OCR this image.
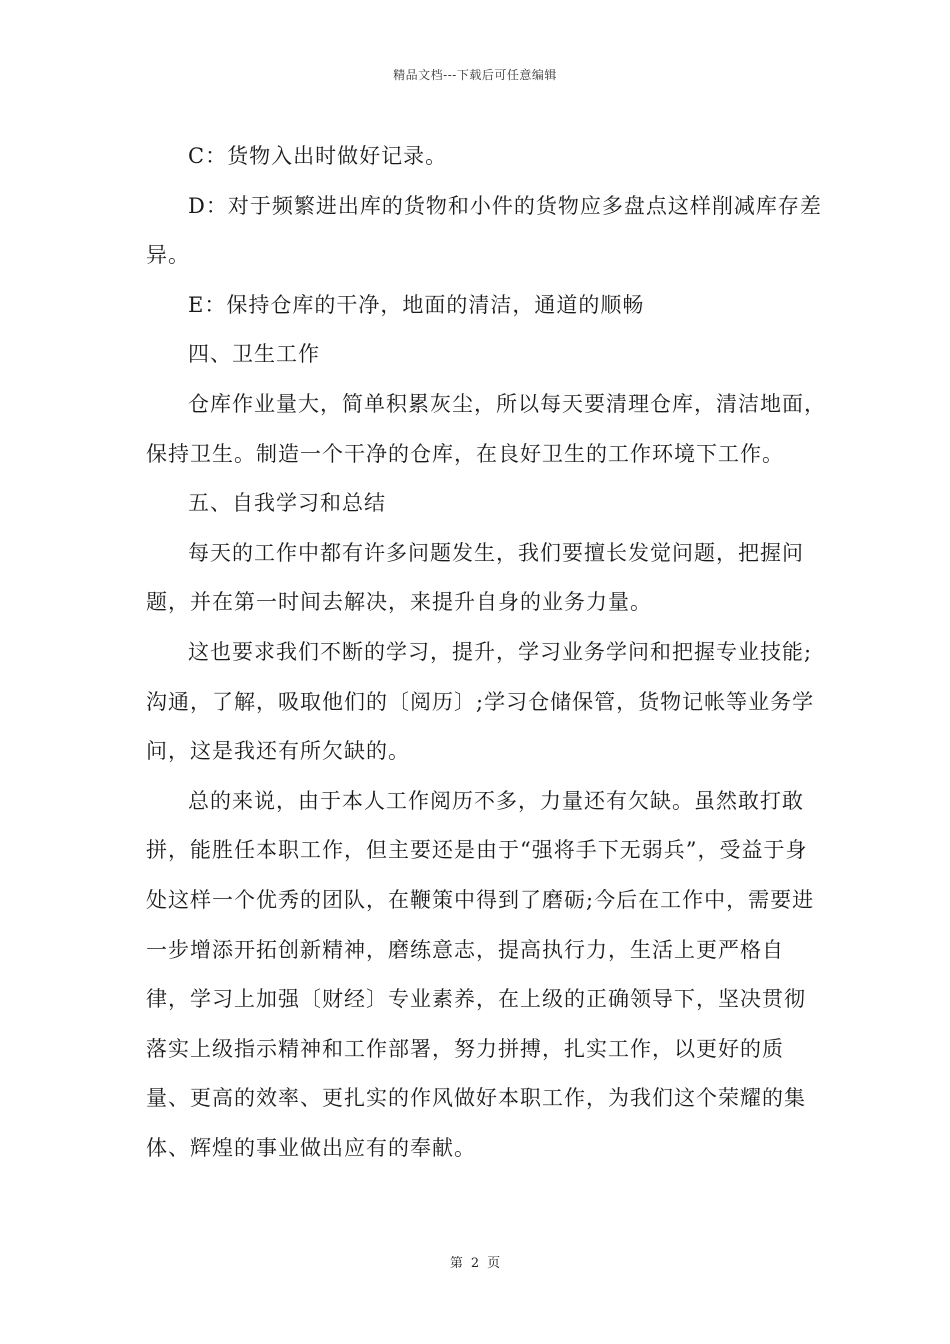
精品文档---下载后可任意编辑

C：货物入出时做好记录。

D：对于频繁进出库的货物和小件的货物应多盘点这样削减库存差异。

E：保持仓库的干净，地面的清洁，通道的顺畅

四、卫生工作

仓库作业量大，简单积累灰尘，所以每天要清理仓库，清洁地面，保持卫生。制造一个干净的仓库，在良好卫生的工作环境下工作。

五、自我学习和总结

每天的工作中都有许多问题发生，我们要擅长发觉问题，把握问题，并在第一时间去解决，来提升自身的业务力量。

这也要求我们不断的学习，提升，学习业务学问和把握专业技能;沟通，了解，吸取他们的〔阅历〕;学习仓储保管，货物记帐等业务学问，这是我还有所欠缺的。

总的来说，由于本人工作阅历不多，力量还有欠缺。虽然敢打敢拼，能胜任本职工作，但主要还是由于“强将手下无弱兵”，受益于身处这样一个优秀的团队，在鞭策中得到了磨砺;今后在工作中，需要进一步增添开拓创新精神，磨练意志，提高执行力，生活上更严格自律，学习上加强〔财经〕专业素养，在上级的正确领导下，坚决贯彻落实上级指示精神和工作部署，努力拼搏，扎实工作，以更好的质量、更高的效率、更扎实的作风做好本职工作，为我们这个荣耀的集体、辉煌的事业做出应有的奉献。

第 2 页
